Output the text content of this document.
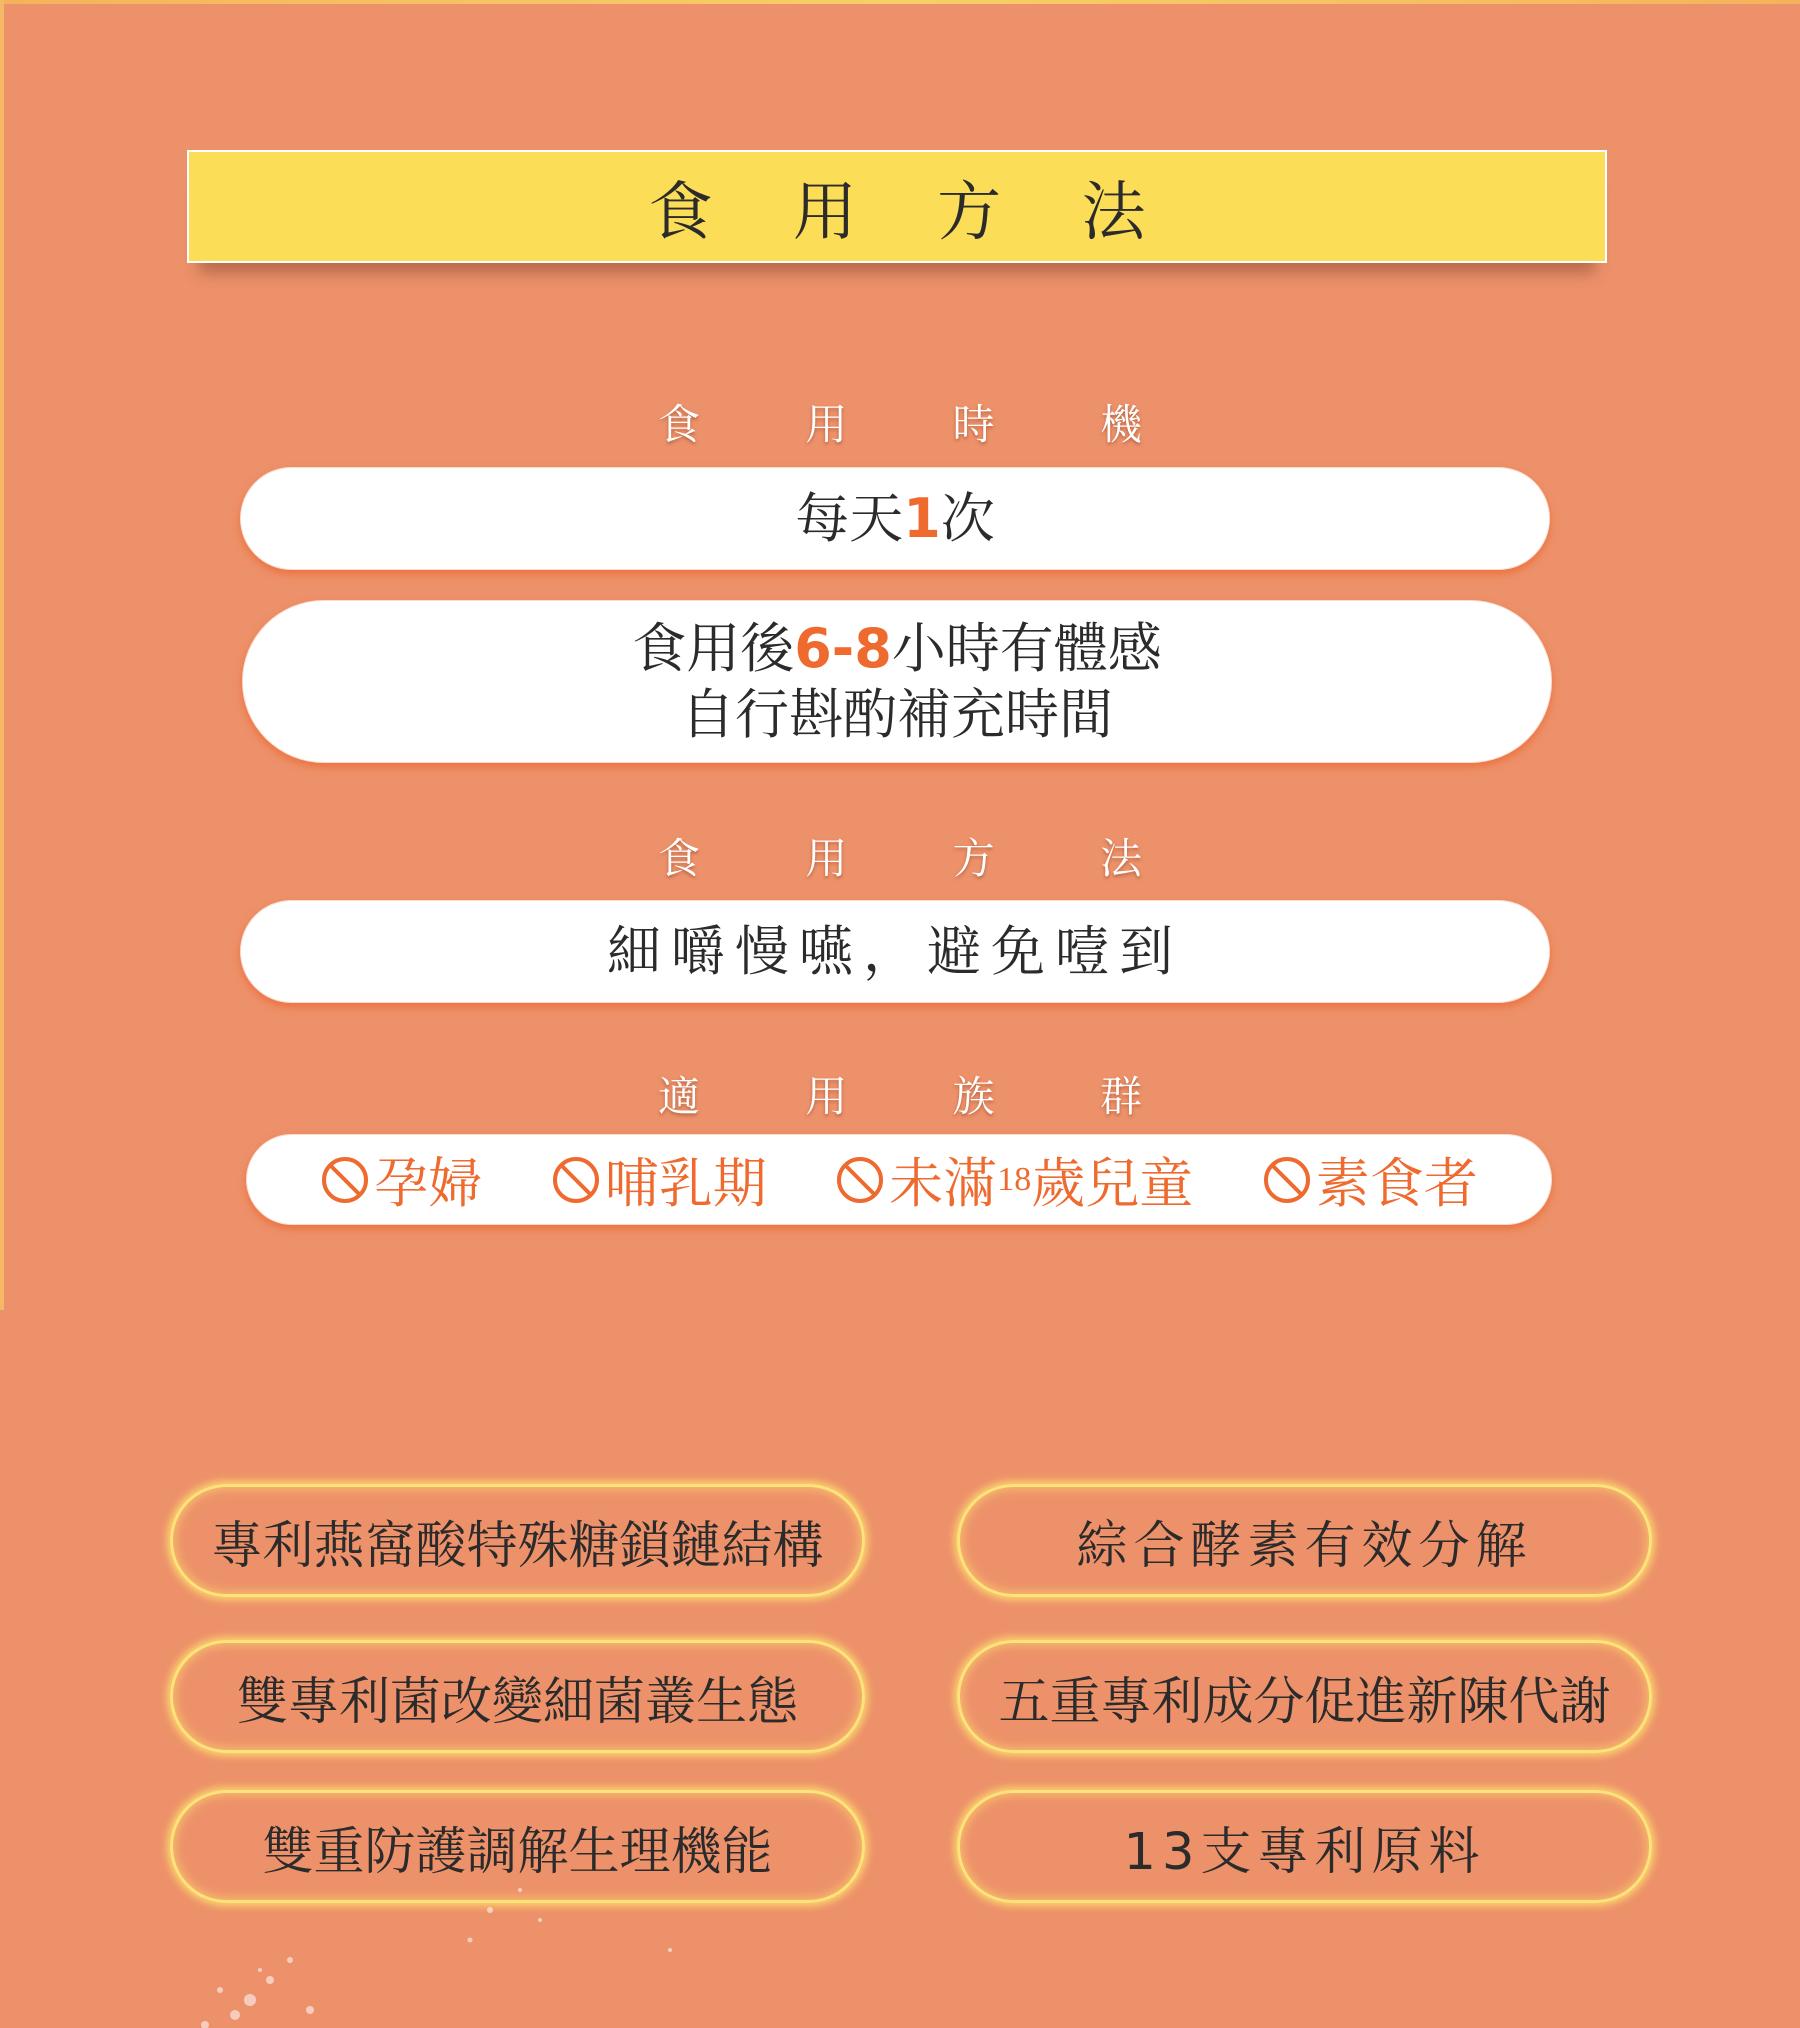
食 用 方 法
食 用 時 機
每天1次
食用後6-8小時有體感
自行斟酌補充時間
食 用 方 法
細嚼慢嚥，避免噎到
適 用 族 群
孕婦 哺乳期 未滿 18 歲兒童 素食者
專利燕窩酸特殊糖鎖鏈結構	綜合酵素有效分解
雙專利菌改變細菌叢生態	五重專利成分促進新陳代謝
雙重防護調解生理機能	13支專利原料
